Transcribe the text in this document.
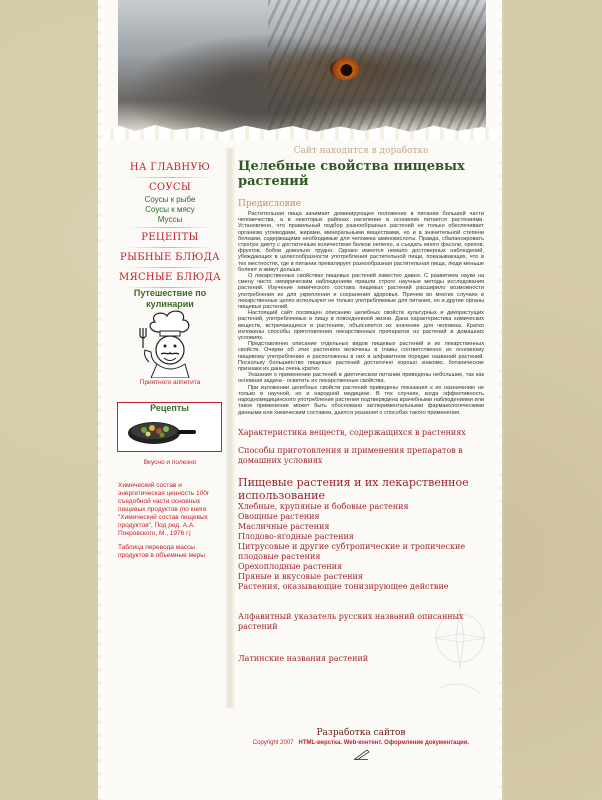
НА ГЛАВНУЮ
СОУСЫ
Соусы к рыбе
Соусы к мясу
Муссы
РЕЦЕПТЫ
РЫБНЫЕ БЛЮДА
МЯСНЫЕ БЛЮДА
Путешествие по кулинарии
Приятного аппетита
Рецепты
Вкусно и полезно
Химический состав и энергетическая ценность 100г съедобной части основных пищевых продуктов (по книге "Химический состав пищевых продуктов", Под ред. А.А. Покровского, М., 1976 г)
Таблица перевода массы продуктов в объемные меры
Сайт находится в доработке
Целебные свойства пищевых растений
Предисловие

Растительная пища занимает доминирующее положение в питании большей части человечества, а в некоторых районах население в основном питается растениями. Установлено, что правильный подбор разнообразных растений не только обеспечивает организм углеводами, жирами, минеральными веществами, но и в значительной степени белками, содержащими необходимые для человека аминокислоты. Правда, сбалансировать строгую диету с достаточным количеством белков нелегко, а съедать много фасоли, орехов, фруктов, бобов довольно трудно. Однако имеется немало достоверных наблюдений, убеждающих в целесообразности употребления растительной пищи, показывающих, что в тех местностях, где в питании превалирует разнообразная растительная пища, люди меньше болеют и живут дольше.

О лекарственных свойствах пищевых растений известно давно. С развитием науки на смену чисто эмпирическим наблюдениям пришли строго научные методы исследования растений. Изучение химического состава пищевых растений расширило возможности употребления их для укрепления и сохранения здоровья. Причем во многих случаях в лекарственных целях используют не только употребляемые для питания, но и другие органы пищевых растений.

Настоящий сайт посвящен описанию целебных свойств культурных и дикорастущих растений, употребляемых в пищу в повседневной жизни. Дана характеристика химических веществ, встречающихся в растениях, объясняется их значение для человека. Кратко изложены способы приготовления лекарственных препаратов из растений в домашних условиях.

Представленно описание отдельных видов пищевых растений и их лекарственных свойств. Очерки об этих растениях включены в главы соответственно их основному пищевому употреблению и расположены в них в алфавитном порядке названий растений. Поскольку большинство пищевых растений достаточно хорошо знакомо, ботанические признаки их даны очень кратко.

Указания о применении растений в диетическом питании приведены небольшие, так как основная задача - осветить их лекарственные свойства.

При изложении целебных свойств растений приведены показания к их назначению не только в научной, но и народной медицине. В тех случаях, когда эффективность народномедицинского употребления растения подтверждена врачебными наблюдениями или такое применение может быть обосновано экспериментальными фармакологическими данными или химическим составом, даются указания о способах такого применения.

Характеристика веществ, содержащихся в растениях
Способы приготовления и применения препаратов в домашних условиях
Пищевые растения и их лекарственное использование
Хлебные, крупяные и бобовые растения
Овощные растения
Масличные растения
Плодово-ягодные растения
Цитрусовые и другие субтропические и тропические плодовые растения
Орехоплодные растения
Пряные и вкусовые растения
Растения, оказывающие тонизирующее действие
Алфавитный указатель русских названий описанных растений
Латинские названия растений
Разработка сайтов
Copyright 2007 HTML-верстка. Web-контент. Оформление документации.
